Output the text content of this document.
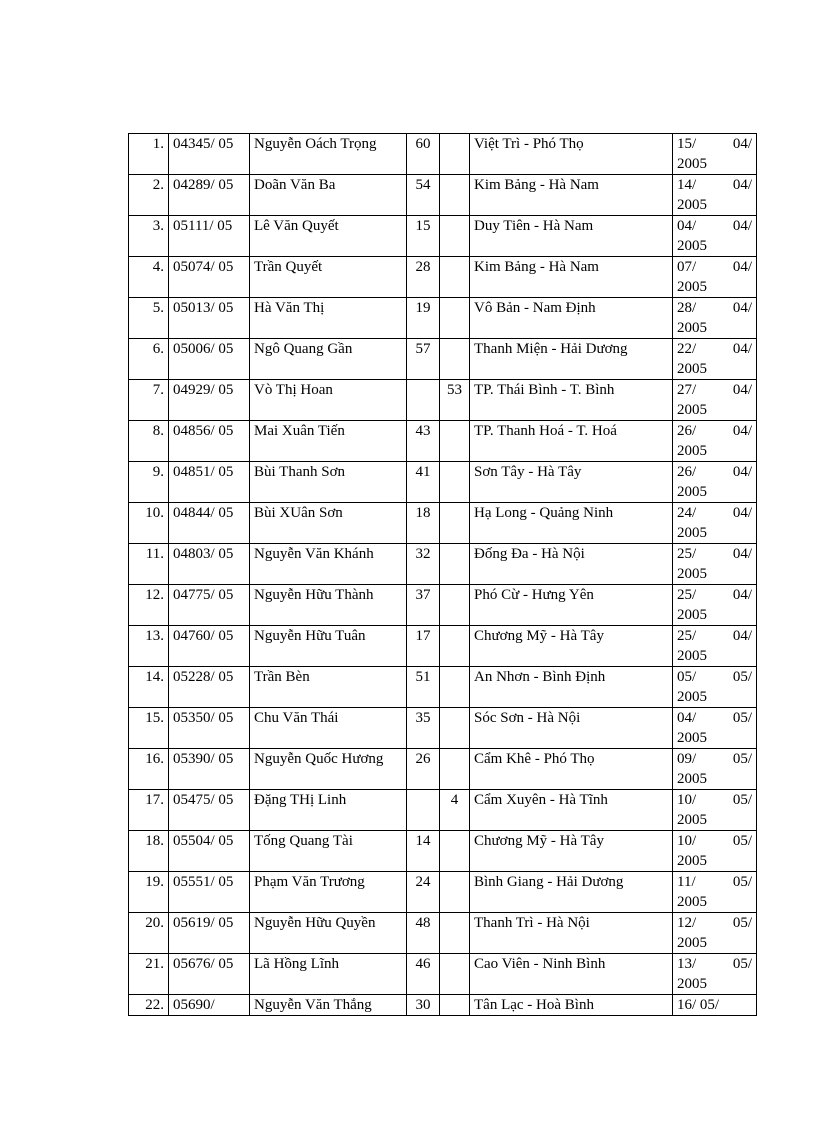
1.	04345/ 05	Nguyễn Oách Trọng	60		Việt Trì - Phó Thọ	15/ 04/ 2005
2.	04289/ 05	Doãn Văn Ba	54		Kim Bảng - Hà Nam	14/ 04/ 2005
3.	05111/ 05	Lê Văn Quyết	15		Duy Tiên - Hà Nam	04/ 04/ 2005
4.	05074/ 05	Trần Quyết	28		Kim Bảng - Hà Nam	07/ 04/ 2005
5.	05013/ 05	Hà Văn Thị	19		Vô Bản - Nam Định	28/ 04/ 2005
6.	05006/ 05	Ngô Quang Gần	57		Thanh Miện - Hải Dương	22/ 04/ 2005
7.	04929/ 05	Vò Thị Hoan		53	TP. Thái Bình - T. Bình	27/ 04/ 2005
8.	04856/ 05	Mai Xuân Tiến	43		TP. Thanh Hoá - T. Hoá	26/ 04/ 2005
9.	04851/ 05	Bùi Thanh Sơn	41		Sơn Tây - Hà Tây	26/ 04/ 2005
10.	04844/ 05	Bùi XUân Sơn	18		Hạ Long - Quảng Ninh	24/ 04/ 2005
11.	04803/ 05	Nguyễn Văn Khánh	32		Đống Đa - Hà Nội	25/ 04/ 2005
12.	04775/ 05	Nguyễn Hữu Thành	37		Phó Cừ - Hưng Yên	25/ 04/ 2005
13.	04760/ 05	Nguyễn Hữu Tuân	17		Chương Mỹ - Hà Tây	25/ 04/ 2005
14.	05228/ 05	Trần Bèn	51		An Nhơn - Bình Định	05/ 05/ 2005
15.	05350/ 05	Chu Văn Thái	35		Sóc Sơn - Hà Nội	04/ 05/ 2005
16.	05390/ 05	Nguyễn Quốc Hương	26		Cẩm Khê - Phó Thọ	09/ 05/ 2005
17.	05475/ 05	Đặng THị Linh		4	Cẩm Xuyên - Hà Tĩnh	10/ 05/ 2005
18.	05504/ 05	Tống Quang Tài	14		Chương Mỹ - Hà Tây	10/ 05/ 2005
19.	05551/ 05	Phạm Văn Trương	24		Bình Giang - Hải Dương	11/ 05/ 2005
20.	05619/ 05	Nguyễn Hữu Quyền	48		Thanh Trì - Hà Nội	12/ 05/ 2005
21.	05676/ 05	Lã Hồng Lĩnh	46		Cao Viên - Ninh Bình	13/ 05/ 2005
22.	05690/	Nguyễn Văn Thắng	30		Tân Lạc - Hoà Bình	16/ 05/
